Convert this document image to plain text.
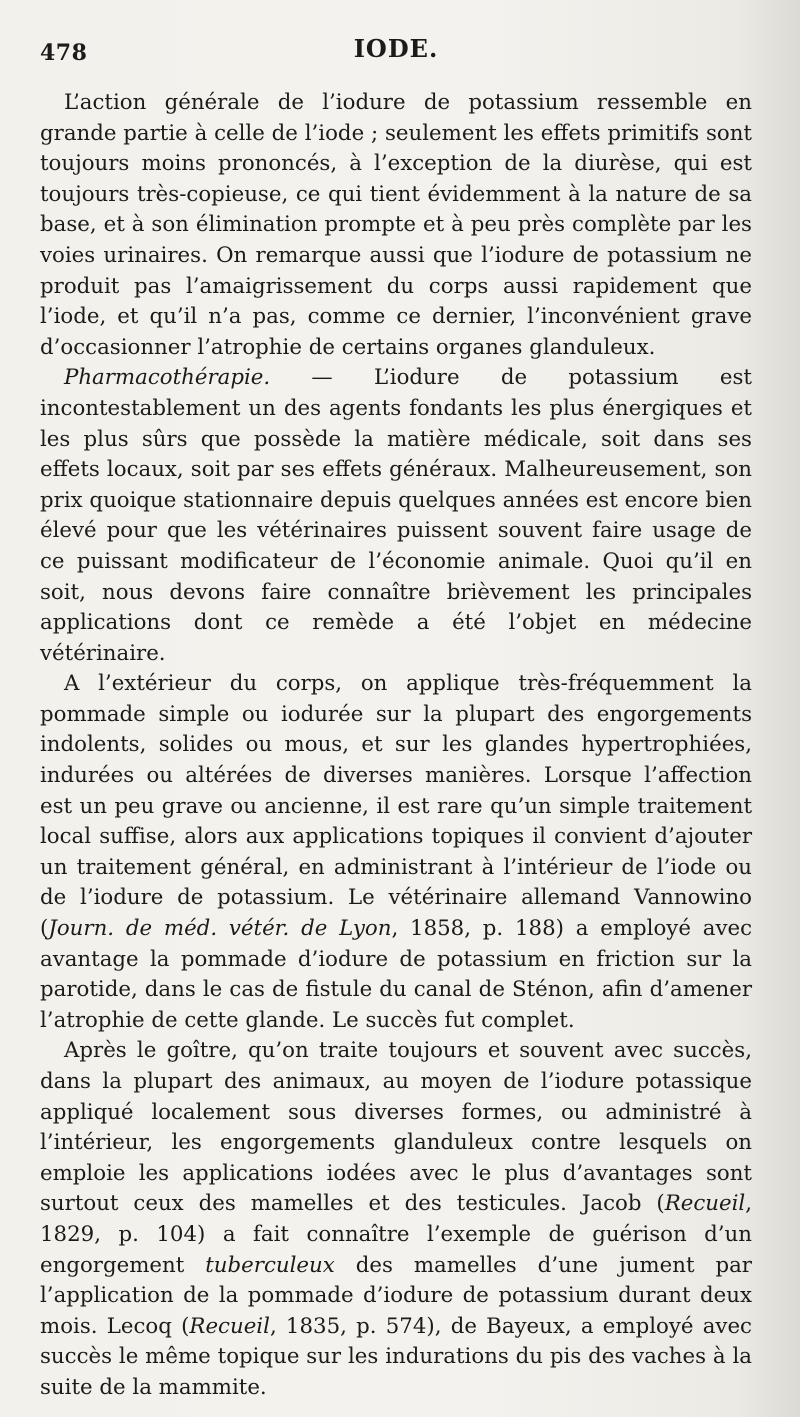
478	IODE.

L’action générale de l’iodure de potassium ressemble en grande partie à celle de l’iode ; seulement les effets primitifs sont toujours moins prononcés, à l’exception de la diurèse, qui est toujours très-copieuse, ce qui tient évidemment à la nature de sa base, et à son élimination prompte et à peu près complète par les voies urinaires. On remarque aussi que l’iodure de potassium ne produit pas l’amaigrissement du corps aussi rapidement que l’iode, et qu’il n’a pas, comme ce dernier, l’inconvénient grave d’occasionner l’atrophie de certains organes glanduleux.

Pharmacothérapie. — L’iodure de potassium est incontestablement un des agents fondants les plus énergiques et les plus sûrs que possède la matière médicale, soit dans ses effets locaux, soit par ses effets généraux. Malheureusement, son prix quoique stationnaire depuis quelques années est encore bien élevé pour que les vétérinaires puissent souvent faire usage de ce puissant modificateur de l’économie animale. Quoi qu’il en soit, nous devons faire connaître brièvement les principales applications dont ce remède a été l’objet en médecine vétérinaire.

A l’extérieur du corps, on applique très-fréquemment la pommade simple ou iodurée sur la plupart des engorgements indolents, solides ou mous, et sur les glandes hypertrophiées, indurées ou altérées de diverses manières. Lorsque l’affection est un peu grave ou ancienne, il est rare qu’un simple traitement local suffise, alors aux applications topiques il convient d’ajouter un traitement général, en administrant à l’intérieur de l’iode ou de l’iodure de potassium. Le vétérinaire allemand Vannowino (Journ. de méd. vétér. de Lyon, 1858, p. 188) a employé avec avantage la pommade d’iodure de potassium en friction sur la parotide, dans le cas de fistule du canal de Sténon, afin d’amener l’atrophie de cette glande. Le succès fut complet.

Après le goître, qu’on traite toujours et souvent avec succès, dans la plupart des animaux, au moyen de l’iodure potassique appliqué localement sous diverses formes, ou administré à l’intérieur, les engorgements glanduleux contre lesquels on emploie les applications iodées avec le plus d’avantages sont surtout ceux des mamelles et des testicules. Jacob (Recueil, 1829, p. 104) a fait connaître l’exemple de guérison d’un engorgement tuberculeux des mamelles d’une jument par l’application de la pommade d’iodure de potassium durant deux mois. Lecoq (Recueil, 1835, p. 574), de Bayeux, a employé avec succès le même topique sur les indurations du pis des vaches à la suite de la mammite.
